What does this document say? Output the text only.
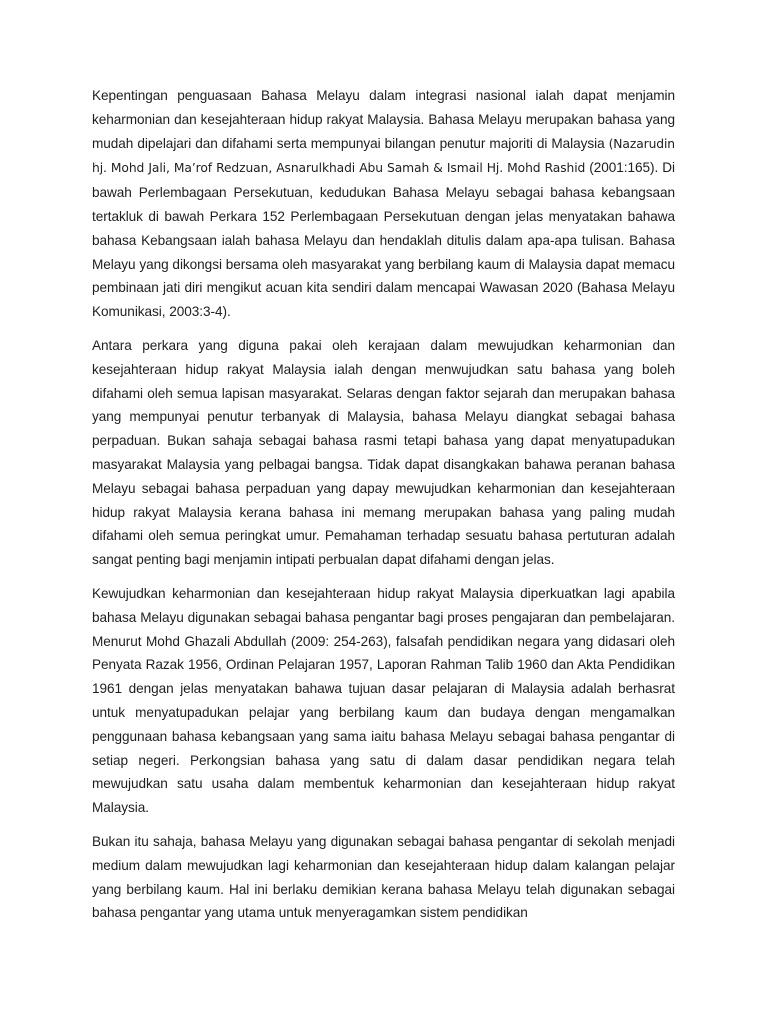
Kepentingan penguasaan Bahasa Melayu dalam integrasi nasional ialah dapat menjamin keharmonian dan kesejahteraan hidup rakyat Malaysia. Bahasa Melayu merupakan bahasa yang mudah dipelajari dan difahami serta mempunyai bilangan penutur majoriti di Malaysia (Nazarudin hj. Mohd Jali, Ma’rof Redzuan, Asnarulkhadi Abu Samah & Ismail Hj. Mohd Rashid (2001:165). Di bawah Perlembagaan Persekutuan, kedudukan Bahasa Melayu sebagai bahasa kebangsaan tertakluk di bawah Perkara 152 Perlembagaan Persekutuan dengan jelas menyatakan bahawa bahasa Kebangsaan ialah bahasa Melayu dan hendaklah ditulis dalam apa-apa tulisan. Bahasa Melayu yang dikongsi bersama oleh masyarakat yang berbilang kaum di Malaysia dapat memacu pembinaan jati diri mengikut acuan kita sendiri dalam mencapai Wawasan 2020 (Bahasa Melayu Komunikasi, 2003:3-4).

Antara perkara yang diguna pakai oleh kerajaan dalam mewujudkan keharmonian dan kesejahteraan hidup rakyat Malaysia ialah dengan menwujudkan satu bahasa yang boleh difahami oleh semua lapisan masyarakat. Selaras dengan faktor sejarah dan merupakan bahasa yang mempunyai penutur terbanyak di Malaysia, bahasa Melayu diangkat sebagai bahasa perpaduan. Bukan sahaja sebagai bahasa rasmi tetapi bahasa yang dapat menyatupadukan masyarakat Malaysia yang pelbagai bangsa. Tidak dapat disangkakan bahawa peranan bahasa Melayu sebagai bahasa perpaduan yang dapay mewujudkan keharmonian dan kesejahteraan hidup rakyat Malaysia kerana bahasa ini memang merupakan bahasa yang paling mudah difahami oleh semua peringkat umur. Pemahaman terhadap sesuatu bahasa pertuturan adalah sangat penting bagi menjamin intipati perbualan dapat difahami dengan jelas.

Kewujudkan keharmonian dan kesejahteraan hidup rakyat Malaysia diperkuatkan lagi apabila bahasa Melayu digunakan sebagai bahasa pengantar bagi proses pengajaran dan pembelajaran. Menurut Mohd Ghazali Abdullah (2009: 254-263), falsafah pendidikan negara yang didasari oleh Penyata Razak 1956, Ordinan Pelajaran 1957, Laporan Rahman Talib 1960 dan Akta Pendidikan 1961 dengan jelas menyatakan bahawa tujuan dasar pelajaran di Malaysia adalah berhasrat untuk menyatupadukan pelajar yang berbilang kaum dan budaya dengan mengamalkan penggunaan bahasa kebangsaan yang sama iaitu bahasa Melayu sebagai bahasa pengantar di setiap negeri. Perkongsian bahasa yang satu di dalam dasar pendidikan negara telah mewujudkan satu usaha dalam membentuk keharmonian dan kesejahteraan hidup rakyat Malaysia.

Bukan itu sahaja, bahasa Melayu yang digunakan sebagai bahasa pengantar di sekolah menjadi medium dalam mewujudkan lagi keharmonian dan kesejahteraan hidup dalam kalangan pelajar yang berbilang kaum. Hal ini berlaku demikian kerana bahasa Melayu telah digunakan sebagai bahasa pengantar yang utama untuk menyeragamkan sistem pendidikan
